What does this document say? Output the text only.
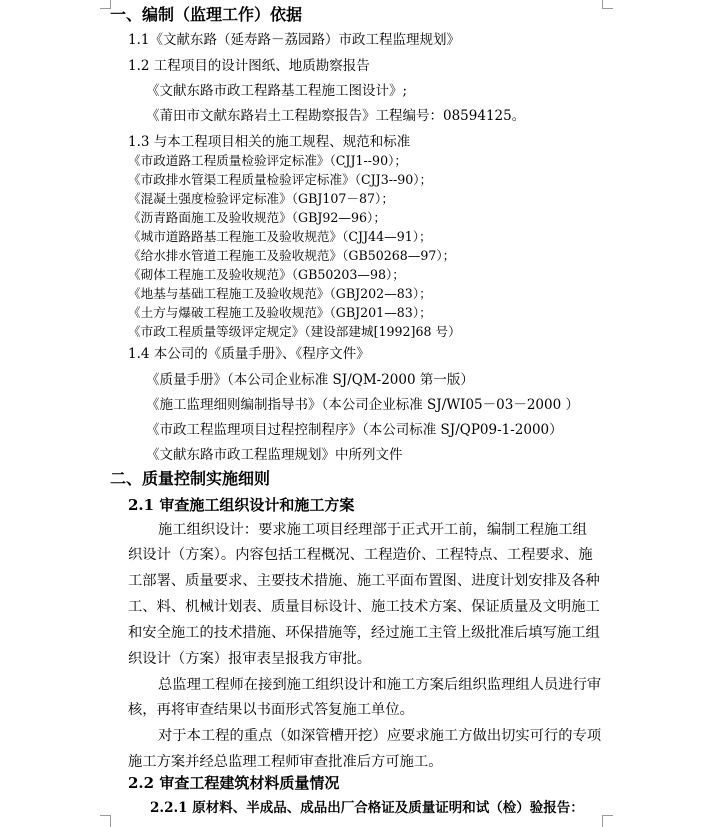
一、编制（监理工作）依据
1.1《文献东路（延寿路－荔园路）市政工程监理规划》
1.2 工程项目的设计图纸、地质勘察报告
《文献东路市政工程路基工程施工图设计》;
《莆田市文献东路岩土工程勘察报告》工程编号：08594125。
1.3 与本工程项目相关的施工规程、规范和标准
《市政道路工程质量检验评定标准》（CJJ1--90）；
《市政排水管渠工程质量检验评定标准》（CJJ3--90）；
《混凝土强度检验评定标准》（GBJ107－87）；
《沥青路面施工及验收规范》（GBJ92—96）；
《城市道路路基工程施工及验收规范》（CJJ44—91）；
《给水排水管道工程施工及验收规范》（GB50268—97）；
《砌体工程施工及验收规范》（GB50203—98）；
《地基与基础工程施工及验收规范》（GBJ202—83）；
《土方与爆破工程施工及验收规范》（GBJ201—83）；
《市政工程质量等级评定规定》（建设部建城[1992]68 号）
1.4 本公司的《质量手册》、《程序文件》
《质量手册》（本公司企业标准 SJ/QM-2000 第一版）
《施工监理细则编制指导书》（本公司企业标准 SJ/WI05－03－2000 ）
《市政工程监理项目过程控制程序》（本公司标准 SJ/QP09-1-2000）
《文献东路市政工程监理规划》中所列文件
二、质量控制实施细则
2.1 审查施工组织设计和施工方案
施工组织设计：要求施工项目经理部于正式开工前，编制工程施工组
织设计（方案）。内容包括工程概况、工程造价、工程特点、工程要求、施
工部署、质量要求、主要技术措施、施工平面布置图、进度计划安排及各种
工、料、机械计划表、质量目标设计、施工技术方案、保证质量及文明施工
和安全施工的技术措施、环保措施等，经过施工主管上级批准后填写施工组
织设计（方案）报审表呈报我方审批。
总监理工程师在接到施工组织设计和施工方案后组织监理组人员进行审
核，再将审查结果以书面形式答复施工单位。
对于本工程的重点（如深管槽开挖）应要求施工方做出切实可行的专项
施工方案并经总监理工程师审查批准后方可施工。
2.2 审查工程建筑材料质量情况
2.2.1 原材料、半成品、成品出厂合格证及质量证明和试（检）验报告：
